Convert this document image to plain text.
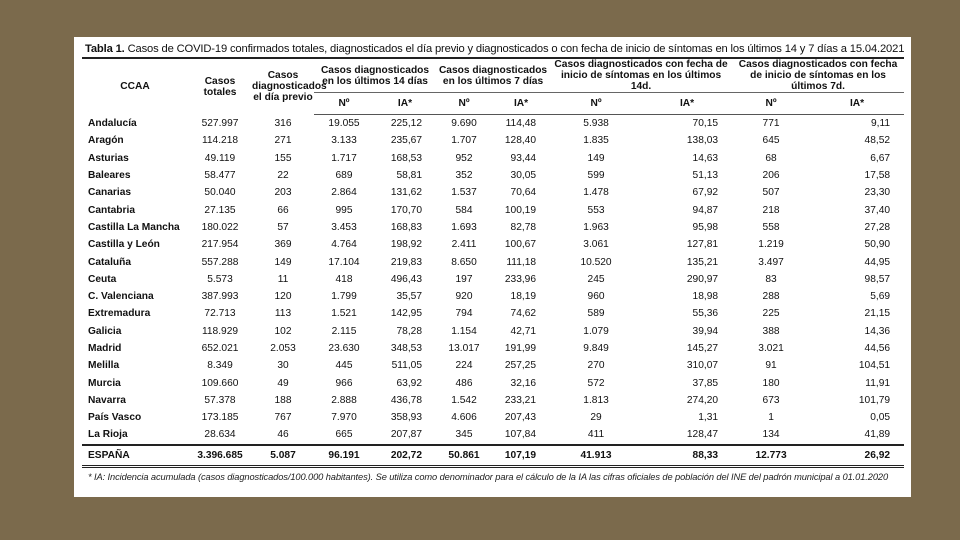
Tabla 1. Casos de COVID-19 confirmados totales, diagnosticados el día previo y diagnosticados o con fecha de inicio de síntomas en los últimos 14 y 7 días a 15.04.2021
CCAA	Casos totales	Casos diagnosticados el día previo	Casos diagnosticados en los últimos 14 días		Casos diagnosticados en los últimos 7 días		Casos diagnosticados con fecha de inicio de síntomas en los últimos 14d.		Casos diagnosticados con fecha de inicio de síntomas en los últimos 7d.	
			Nº	IA*	Nº	IA*	Nº	IA*	Nº	IA*
Andalucía	527.997	316	19.055	225,12	9.690	114,48	5.938	70,15	771	9,11
Aragón	114.218	271	3.133	235,67	1.707	128,40	1.835	138,03	645	48,52
Asturias	49.119	155	1.717	168,53	952	93,44	149	14,63	68	6,67
Baleares	58.477	22	689	58,81	352	30,05	599	51,13	206	17,58
Canarias	50.040	203	2.864	131,62	1.537	70,64	1.478	67,92	507	23,30
Cantabria	27.135	66	995	170,70	584	100,19	553	94,87	218	37,40
Castilla La Mancha	180.022	57	3.453	168,83	1.693	82,78	1.963	95,98	558	27,28
Castilla y León	217.954	369	4.764	198,92	2.411	100,67	3.061	127,81	1.219	50,90
Cataluña	557.288	149	17.104	219,83	8.650	111,18	10.520	135,21	3.497	44,95
Ceuta	5.573	11	418	496,43	197	233,96	245	290,97	83	98,57
C. Valenciana	387.993	120	1.799	35,57	920	18,19	960	18,98	288	5,69
Extremadura	72.713	113	1.521	142,95	794	74,62	589	55,36	225	21,15
Galicia	118.929	102	2.115	78,28	1.154	42,71	1.079	39,94	388	14,36
Madrid	652.021	2.053	23.630	348,53	13.017	191,99	9.849	145,27	3.021	44,56
Melilla	8.349	30	445	511,05	224	257,25	270	310,07	91	104,51
Murcia	109.660	49	966	63,92	486	32,16	572	37,85	180	11,91
Navarra	57.378	188	2.888	436,78	1.542	233,21	1.813	274,20	673	101,79
País Vasco	173.185	767	7.970	358,93	4.606	207,43	29	1,31	1	0,05
La Rioja	28.634	46	665	207,87	345	107,84	411	128,47	134	41,89
ESPAÑA	3.396.685	5.087	96.191	202,72	50.861	107,19	41.913	88,33	12.773	26,92
* IA: Incidencia acumulada (casos diagnosticados/100.000 habitantes). Se utiliza como denominador para el cálculo de la IA las cifras oficiales de población del INE del padrón municipal a 01.01.2020
